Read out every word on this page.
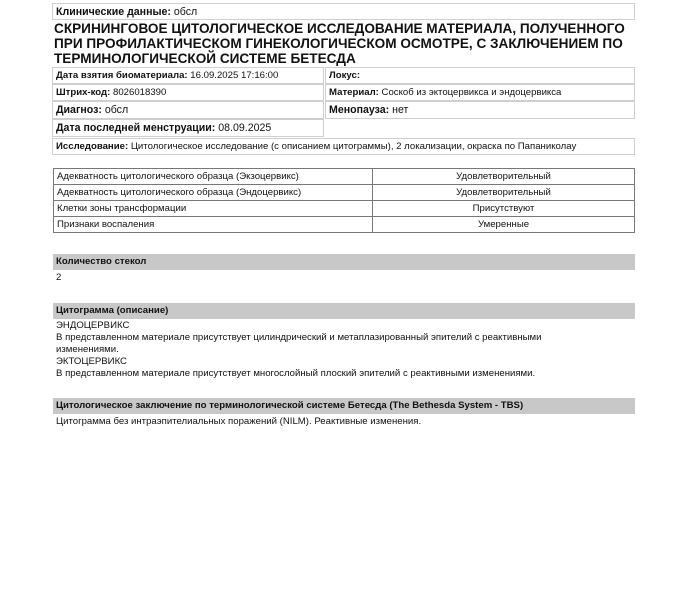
Клинические данные: обсл
СКРИНИНГОВОЕ ЦИТОЛОГИЧЕСКОЕ ИССЛЕДОВАНИЕ МАТЕРИАЛА, ПОЛУЧЕННОГО ПРИ ПРОФИЛАКТИЧЕСКОМ ГИНЕКОЛОГИЧЕСКОМ ОСМОТРЕ, С ЗАКЛЮЧЕНИЕМ ПО ТЕРМИНОЛОГИЧЕСКОЙ СИСТЕМЕ БЕТЕСДА
Дата взятия биоматериала: 16.09.2025 17:16:00	Локус:
Штрих-код: 8026018390	Материал: Соскоб из эктоцервикса и эндоцервикса
Диагноз: обсл	Менопауза: нет
Дата последней менструации: 08.09.2025
Исследование: Цитологическое исследование (с описанием цитограммы), 2 локализации, окраска по Папаниколау
Адекватность цитологического образца (Экзоцервикс)	Удовлетворительный
Адекватность цитологического образца (Эндоцервикс)	Удовлетворительный
Клетки зоны трансформации	Присутствуют
Признаки воспаления	Умеренные
Количество стекол
2
Цитограмма (описание)
ЭНДОЦЕРВИКС
В представленном материале присутствует цилиндрический и метаплазированный эпителий с реактивными изменениями.
ЭКТОЦЕРВИКС
В представленном материале присутствует многослойный плоский эпителий с реактивными изменениями.
Цитологическое заключение по терминологической системе Бетесда (The Bethesda System - TBS)
Цитограмма без интраэпителиальных поражений (NILM). Реактивные изменения.
